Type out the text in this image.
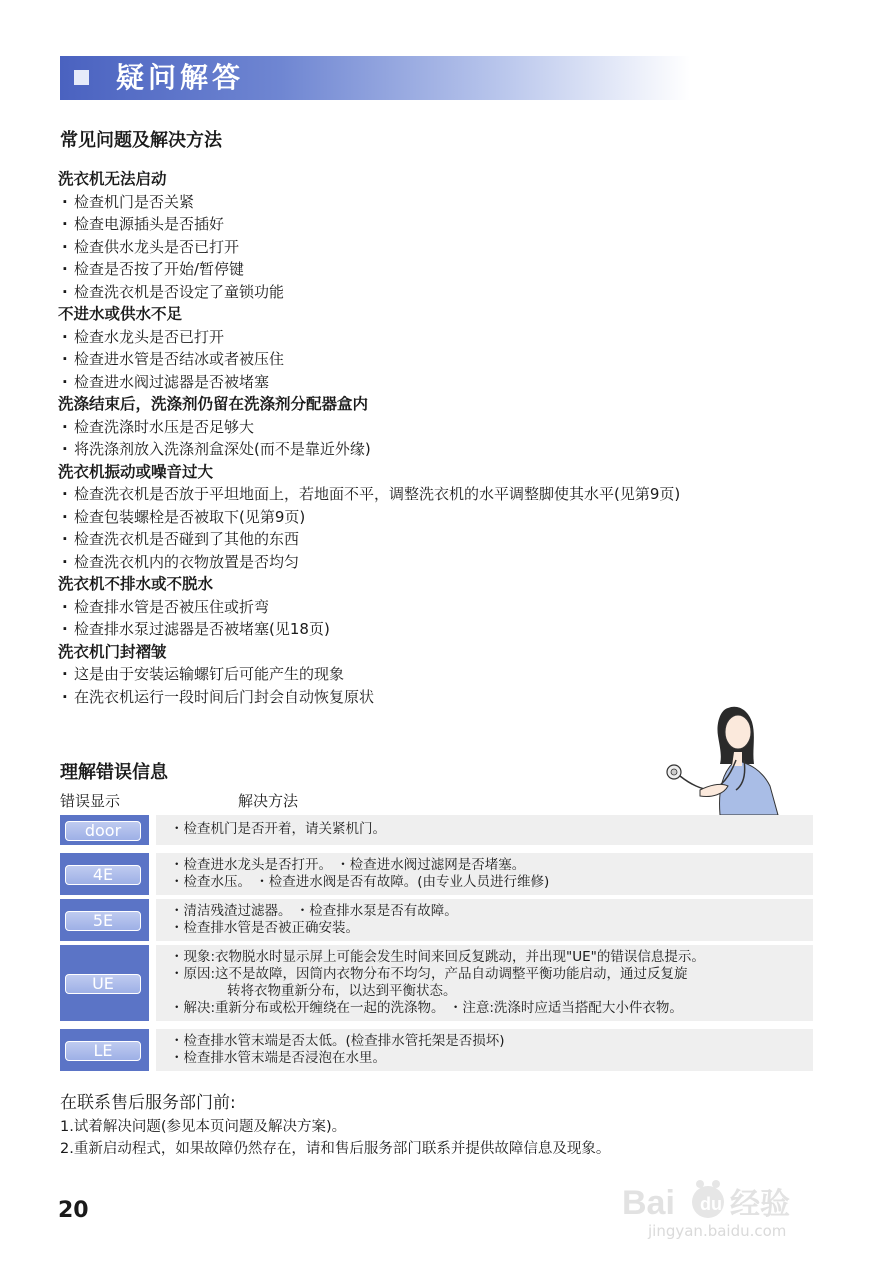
疑问解答
常见问题及解决方法
洗衣机无法启动
· 检查机门是否关紧
· 检查电源插头是否插好
· 检查供水龙头是否已打开
· 检查是否按了开始/暂停键
· 检查洗衣机是否设定了童锁功能
不进水或供水不足
· 检查水龙头是否已打开
· 检查进水管是否结冰或者被压住
· 检查进水阀过滤器是否被堵塞
洗涤结束后，洗涤剂仍留在洗涤剂分配器盒内
· 检查洗涤时水压是否足够大
· 将洗涤剂放入洗涤剂盒深处(而不是靠近外缘)
洗衣机振动或噪音过大
· 检查洗衣机是否放于平坦地面上，若地面不平，调整洗衣机的水平调整脚使其水平(见第9页)
· 检查包装螺栓是否被取下(见第9页)
· 检查洗衣机是否碰到了其他的东西
· 检查洗衣机内的衣物放置是否均匀
洗衣机不排水或不脱水
· 检查排水管是否被压住或折弯
· 检查排水泵过滤器是否被堵塞(见18页)
洗衣机门封褶皱
· 这是由于安装运输螺钉后可能产生的现象
· 在洗衣机运行一段时间后门封会自动恢复原状
理解错误信息
错误显示	解决方法
door	・检查机门是否开着，请关紧机门。
4E	・检查进水龙头是否打开。 ・检查进水阀过滤网是否堵塞。
・检查水压。 ・检查进水阀是否有故障。(由专业人员进行维修)
5E	・清洁残渣过滤器。 ・检查排水泵是否有故障。
・检查排水管是否被正确安装。
UE
・现象:衣物脱水时显示屏上可能会发生时间来回反复跳动，并出现"UE"的错误信息提示。
・原因:这不是故障，因筒内衣物分布不均匀，产品自动调整平衡功能启动，通过反复旋
转将衣物重新分布，以达到平衡状态。
・解决:重新分布或松开缠绕在一起的洗涤物。 ・注意:洗涤时应适当搭配大小件衣物。
LE	・检查排水管末端是否太低。(检查排水管托架是否损坏)
・检查排水管末端是否浸泡在水里。
在联系售后服务部门前:
1.试着解决问题(参见本页问题及解决方案)。
2.重新启动程式，如果故障仍然存在，请和售后服务部门联系并提供故障信息及现象。
20	Bai du 经验
jingyan.baidu.com
